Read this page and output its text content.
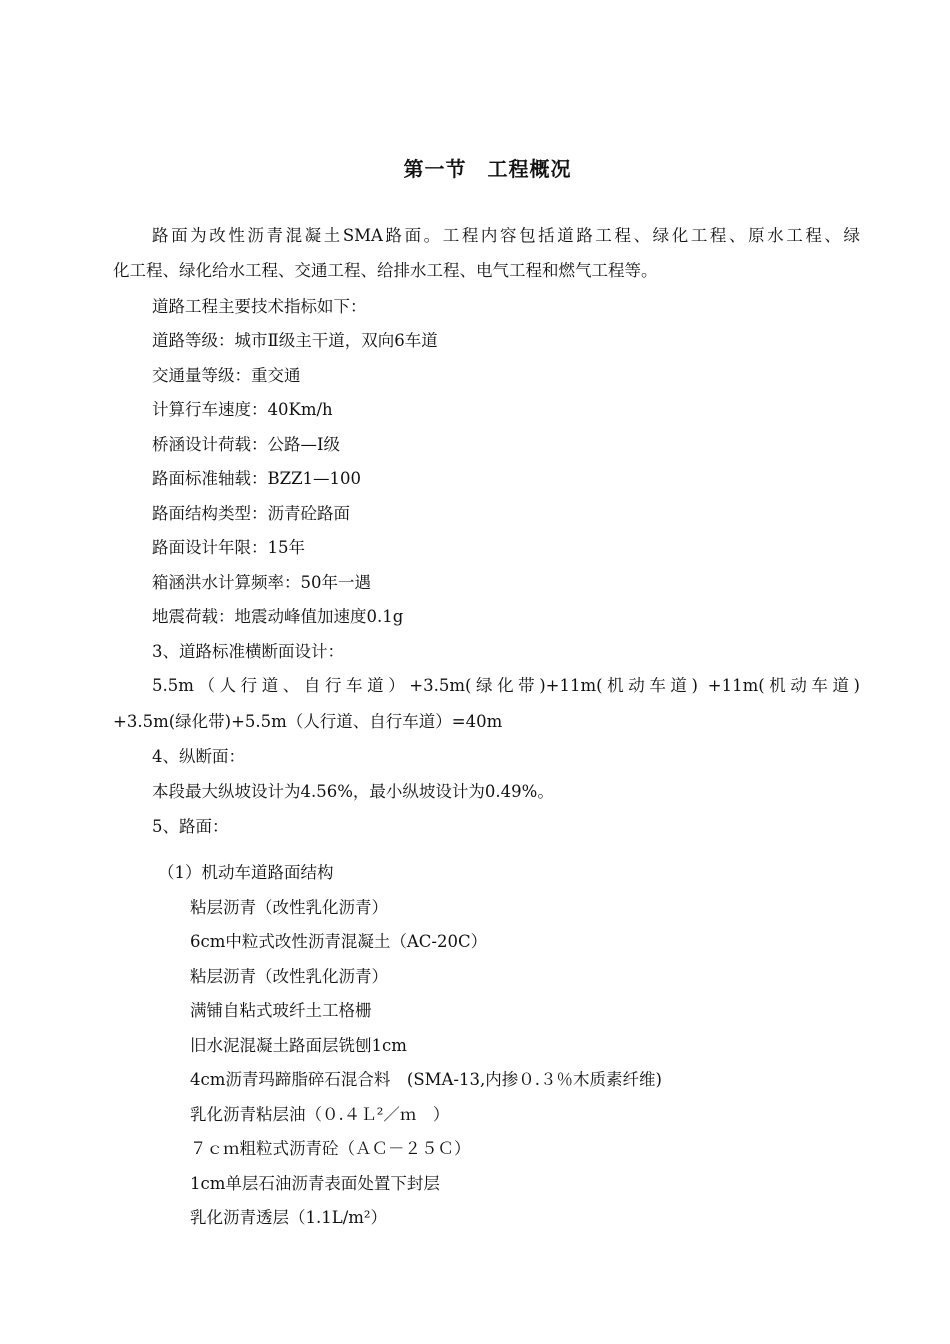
第一节　工程概况
路面为改性沥青混凝土SMA路面。工程内容包括道路工程、绿化工程、原水工程、绿
化工程、绿化给水工程、交通工程、给排水工程、电气工程和燃气工程等。
道路工程主要技术指标如下：
道路等级：城市Ⅱ级主干道，双向6车道
交通量等级：重交通
计算行车速度：40Km/h
桥涵设计荷载：公路—Ⅰ级
路面标准轴载：BZZ1—100
路面结构类型：沥青砼路面
路面设计年限：15年
箱涵洪水计算频率：50年一遇
地震荷载：地震动峰值加速度0.1g
3、道路标准横断面设计：
5.5m（人行道、自行车道）+3.5m(绿化带)+11m(机动车道) +11m(机动车道)
+3.5m(绿化带)+5.5m（人行道、自行车道）=40m
4、纵断面：
本段最大纵坡设计为4.56%，最小纵坡设计为0.49%。
5、路面：
（1）机动车道路面结构
粘层沥青（改性乳化沥青）
6cm中粒式改性沥青混凝土（AC-20C）
粘层沥青（改性乳化沥青）
满铺自粘式玻纤土工格栅
旧水泥混凝土路面层铣刨1cm
4cm沥青玛蹄脂碎石混合料　(SMA-13,内掺０.３％木质素纤维)
乳化沥青粘层油（０.４Ｌ²／ｍ　）
７ｃｍ粗粒式沥青砼（ＡＣ－２５Ｃ）
1cm单层石油沥青表面处置下封层
乳化沥青透层（1.1L/m²）
